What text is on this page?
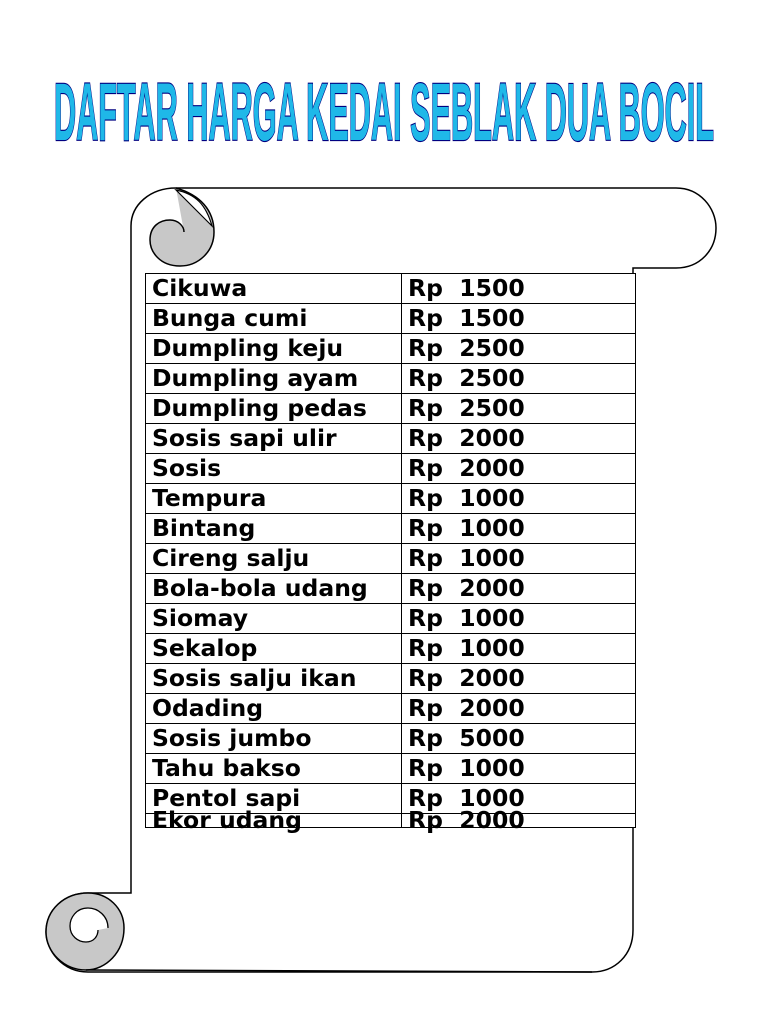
DAFTAR HARGA KEDAI SEBLAK DUA BOCIL
Cikuwa	Rp  1500
Bunga cumi	Rp  1500
Dumpling keju	Rp  2500
Dumpling ayam	Rp  2500
Dumpling pedas	Rp  2500
Sosis sapi ulir	Rp  2000
Sosis	Rp  2000
Tempura	Rp  1000
Bintang	Rp  1000
Cireng salju	Rp  1000
Bola-bola udang	Rp  2000
Siomay	Rp  1000
Sekalop	Rp  1000
Sosis salju ikan	Rp  2000
Odading	Rp  2000
Sosis jumbo	Rp  5000
Tahu bakso	Rp  1000
Pentol sapi	Rp  1000
Ekor udang	Rp  2000
